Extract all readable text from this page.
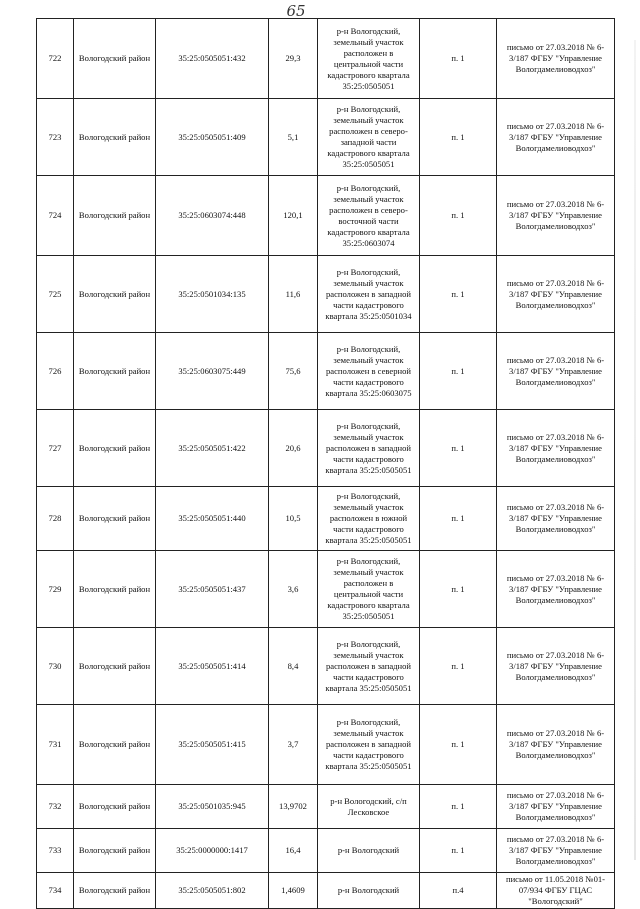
65
722	Вологодский район	35:25:0505051:432	29,3	р-н Вологодский, земельный участок расположен в центральной части кадастрового квартала 35:25:0505051	п. 1	письмо от 27.03.2018 № 6-3/187 ФГБУ "Управление Вологдамелиоводхоз"
723	Вологодский район	35:25:0505051:409	5,1	р-н Вологодский, земельный участок расположен в северо-западной части кадастрового квартала 35:25:0505051	п. 1	письмо от 27.03.2018 № 6-3/187 ФГБУ "Управление Вологдамелиоводхоз"
724	Вологодский район	35:25:0603074:448	120,1	р-н Вологодский, земельный участок расположен в северо-восточной части кадастрового квартала 35:25:0603074	п. 1	письмо от 27.03.2018 № 6-3/187 ФГБУ "Управление Вологдамелиоводхоз"
725	Вологодский район	35:25:0501034:135	11,6	р-н Вологодский, земельный участок расположен в западной части кадастрового квартала 35:25:0501034	п. 1	письмо от 27.03.2018 № 6-3/187 ФГБУ "Управление Вологдамелиоводхоз"
726	Вологодский район	35:25:0603075:449	75,6	р-н Вологодский, земельный участок расположен в северной части кадастрового квартала 35:25:0603075	п. 1	письмо от 27.03.2018 № 6-3/187 ФГБУ "Управление Вологдамелиоводхоз"
727	Вологодский район	35:25:0505051:422	20,6	р-н Вологодский, земельный участок расположен в западной части кадастрового квартала 35:25:0505051	п. 1	письмо от 27.03.2018 № 6-3/187 ФГБУ "Управление Вологдамелиоводхоз"
728	Вологодский район	35:25:0505051:440	10,5	р-н Вологодский, земельный участок расположен в южной части кадастрового квартала 35:25:0505051	п. 1	письмо от 27.03.2018 № 6-3/187 ФГБУ "Управление Вологдамелиоводхоз"
729	Вологодский район	35:25:0505051:437	3,6	р-н Вологодский, земельный участок расположен в центральной части кадастрового квартала 35:25:0505051	п. 1	письмо от 27.03.2018 № 6-3/187 ФГБУ "Управление Вологдамелиоводхоз"
730	Вологодский район	35:25:0505051:414	8,4	р-н Вологодский, земельный участок расположен в западной части кадастрового квартала 35:25:0505051	п. 1	письмо от 27.03.2018 № 6-3/187 ФГБУ "Управление Вологдамелиоводхоз"
731	Вологодский район	35:25:0505051:415	3,7	р-н Вологодский, земельный участок расположен в западной части кадастрового квартала 35:25:0505051	п. 1	письмо от 27.03.2018 № 6-3/187 ФГБУ "Управление Вологдамелиоводхоз"
732	Вологодский район	35:25:0501035:945	13,9702	р-н Вологодский, с/п Лесковское	п. 1	письмо от 27.03.2018 № 6-3/187 ФГБУ "Управление Вологдамелиоводхоз"
733	Вологодский район	35:25:0000000:1417	16,4	р-н Вологодский	п. 1	письмо от 27.03.2018 № 6-3/187 ФГБУ "Управление Вологдамелиоводхоз"
734	Вологодский район	35:25:0505051:802	1,4609	р-н Вологодский	п.4	письмо от 11.05.2018 №01-07/934 ФГБУ ГЦАС "Вологодский"
